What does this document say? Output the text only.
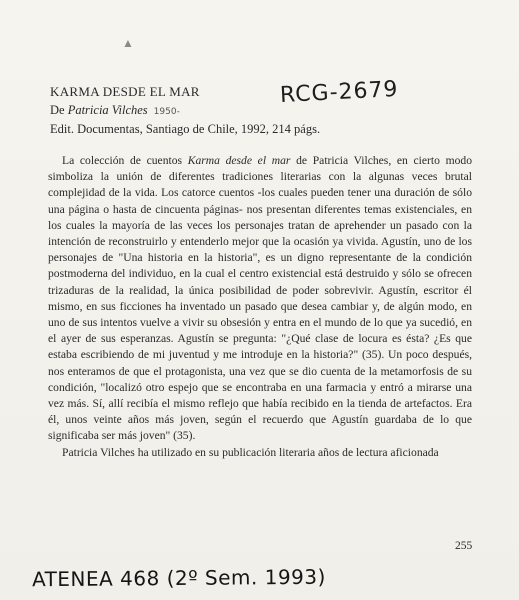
▲
KARMA DESDE EL MAR
De Patricia Vilches 1950-
Edit. Documentas, Santiago de Chile, 1992, 214 págs.
RCG-2679

La colección de cuentos Karma desde el mar de Patricia Vilches, en cierto modo simboliza la unión de diferentes tradiciones literarias con la algunas veces brutal complejidad de la vida. Los catorce cuentos -los cuales pueden tener una duración de sólo una página o hasta de cincuenta páginas- nos presentan diferentes temas existenciales, en los cuales la mayoría de las veces los personajes tratan de aprehender un pasado con la intención de reconstruirlo y entenderlo mejor que la ocasión ya vivida. Agustín, uno de los personajes de "Una historia en la historia", es un digno representante de la condición postmoderna del individuo, en la cual el centro existencial está destruido y sólo se ofrecen trizaduras de la realidad, la única posibilidad de poder sobrevivir. Agustín, escritor él mismo, en sus ficciones ha inventado un pasado que desea cambiar y, de algún modo, en uno de sus intentos vuelve a vivir su obsesión y entra en el mundo de lo que ya sucedió, en el ayer de sus esperanzas. Agustín se pregunta: "¿Qué clase de locura es ésta? ¿Es que estaba escribiendo de mi juventud y me introduje en la historia?" (35). Un poco después, nos enteramos de que el protagonista, una vez que se dio cuenta de la metamorfosis de su condición, "localizó otro espejo que se encontraba en una farmacia y entró a mirarse una vez más. Sí, allí recibía el mismo reflejo que había recibido en la tienda de artefactos. Era él, unos veinte años más joven, según el recuerdo que Agustín guardaba de lo que significaba ser más joven" (35).

Patricia Vilches ha utilizado en su publicación literaria años de lectura aficionada

255
ATENEA 468 (2º Sem. 1993)
